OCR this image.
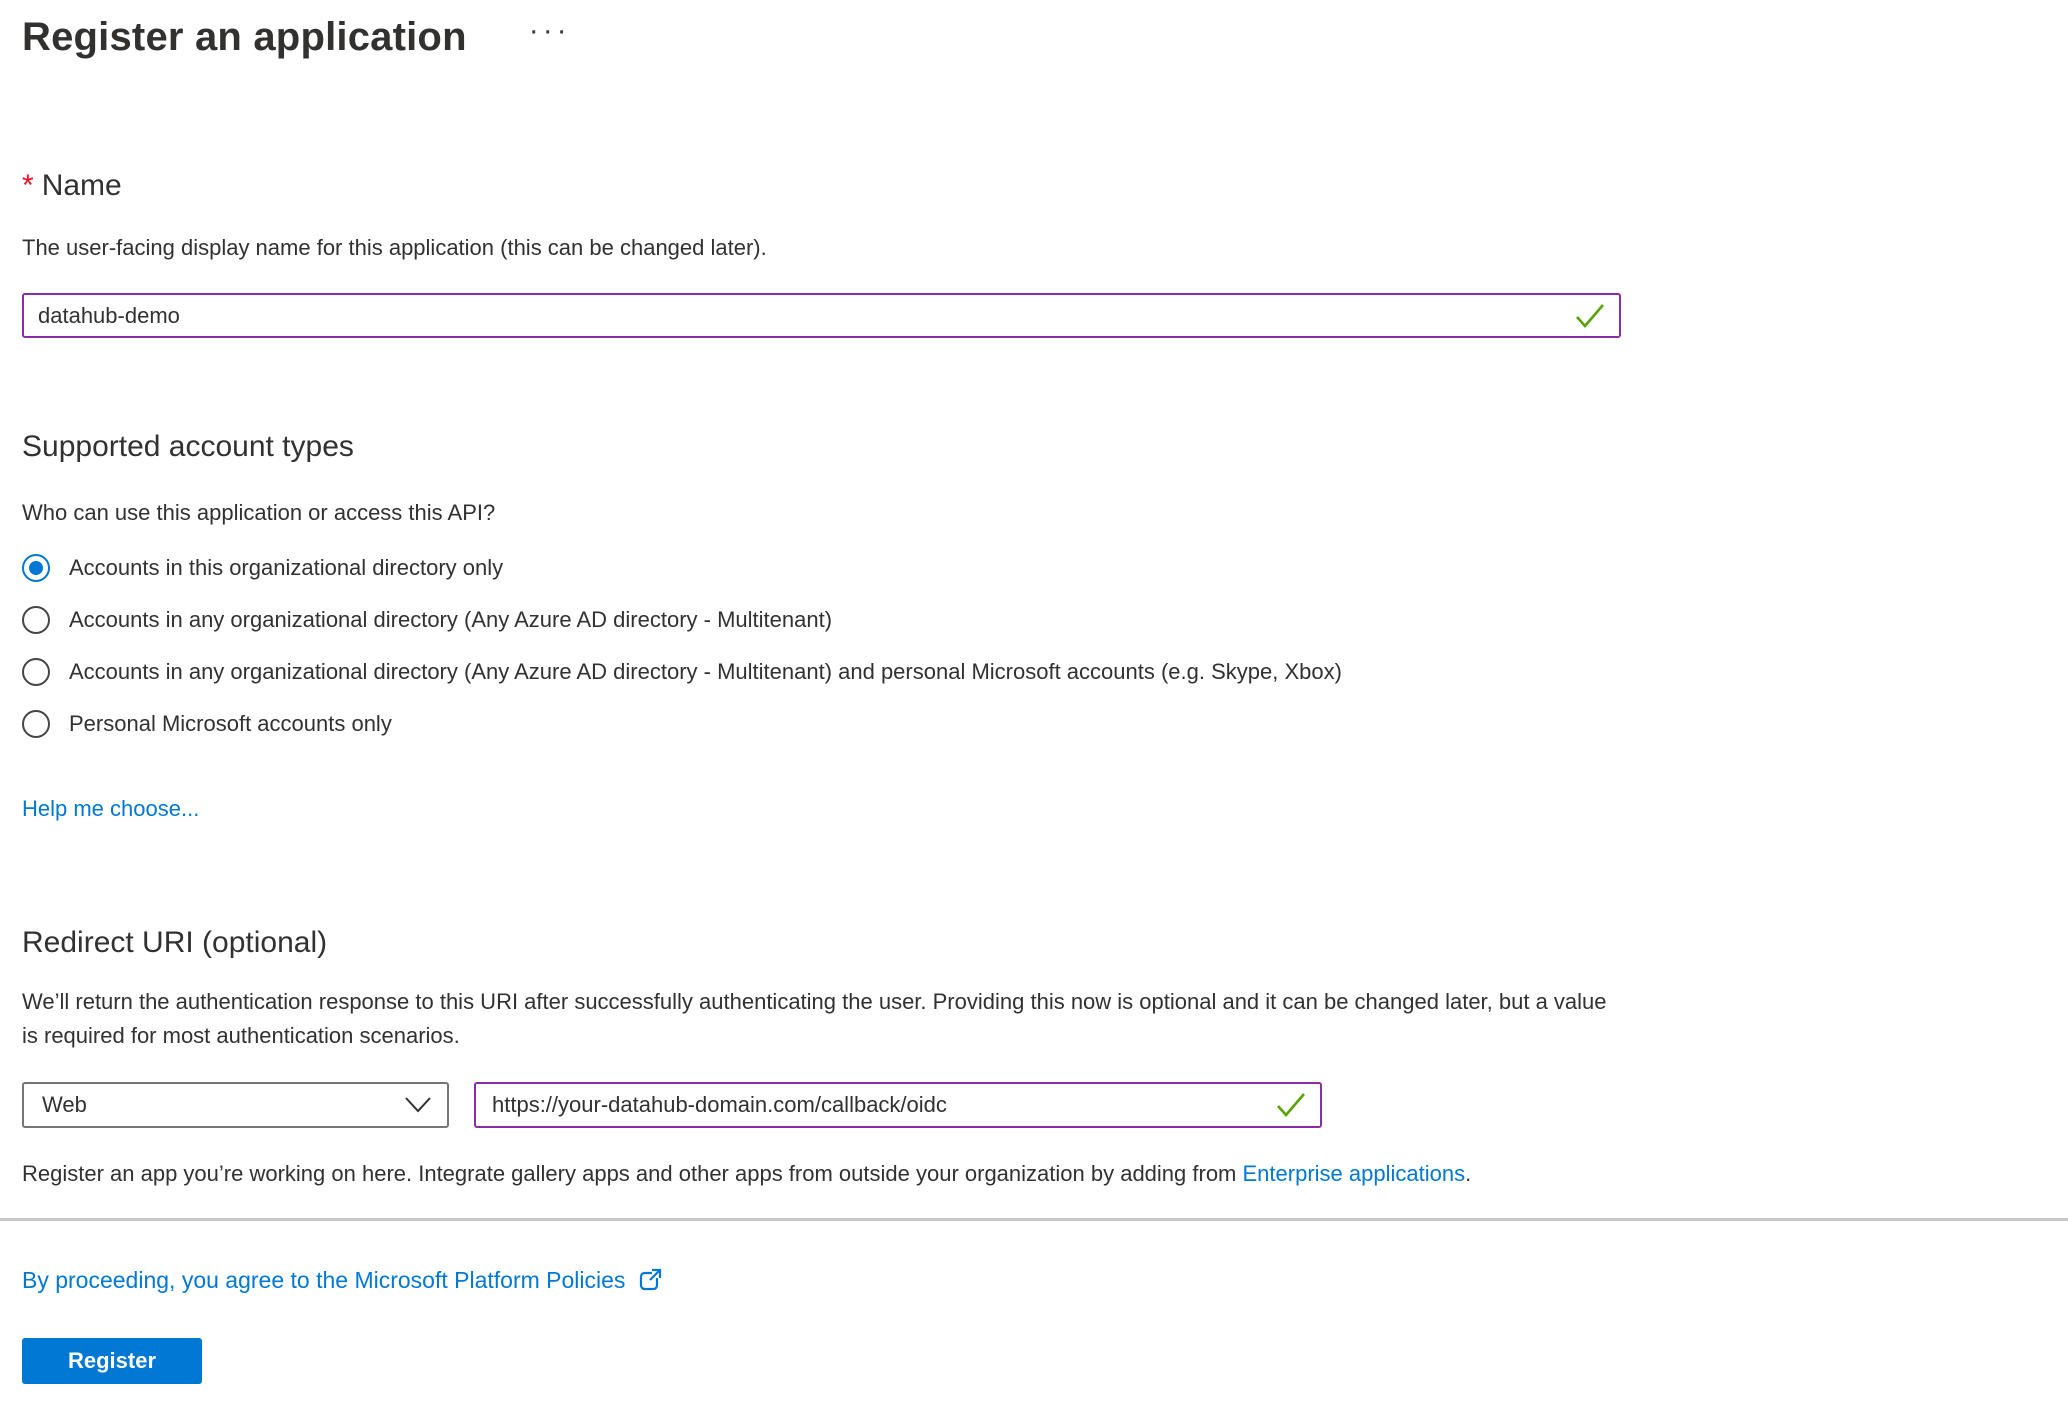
Register an application ···
* Name
The user-facing display name for this application (this can be changed later).
datahub-demo
Supported account types
Who can use this application or access this API?
Accounts in this organizational directory only
Accounts in any organizational directory (Any Azure AD directory - Multitenant)
Accounts in any organizational directory (Any Azure AD directory - Multitenant) and personal Microsoft accounts (e.g. Skype, Xbox)
Personal Microsoft accounts only
Help me choose...
Redirect URI (optional)
We’ll return the authentication response to this URI after successfully authenticating the user. Providing this now is optional and it can be changed later, but a value is required for most authentication scenarios.
Web
https://your-datahub-domain.com/callback/oidc
Register an app you’re working on here. Integrate gallery apps and other apps from outside your organization by adding from Enterprise applications.
By proceeding, you agree to the Microsoft Platform Policies
Register
